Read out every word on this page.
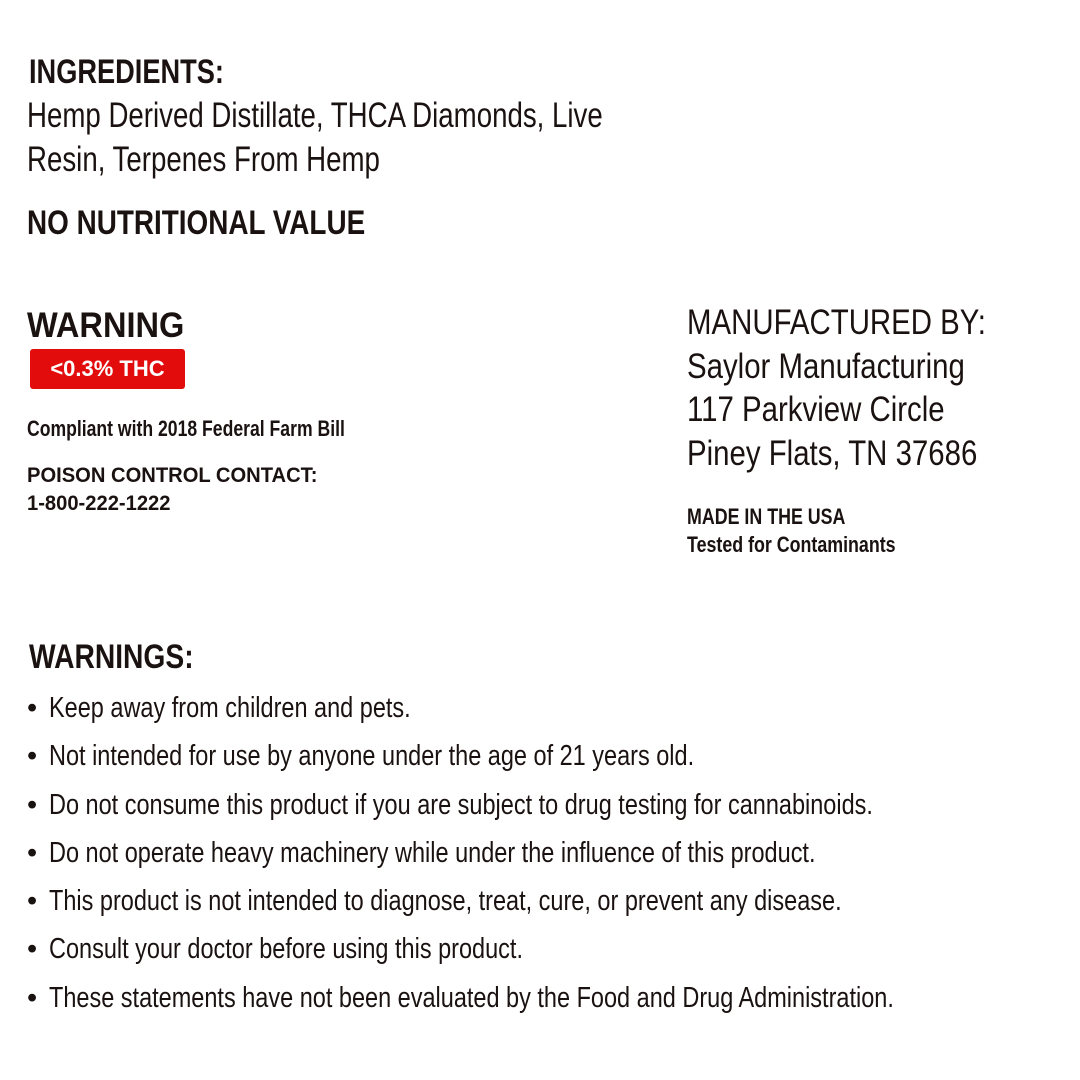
INGREDIENTS:
Hemp Derived Distillate, THCA Diamonds, Live
Resin, Terpenes From Hemp
NO NUTRITIONAL VALUE
WARNING
<0.3% THC
Compliant with 2018 Federal Farm Bill
POISON CONTROL CONTACT:
1-800-222-1222
MANUFACTURED BY:
Saylor Manufacturing
117 Parkview Circle
Piney Flats, TN 37686
MADE IN THE USA
Tested for Contaminants
WARNINGS:
• Keep away from children and pets.
• Not intended for use by anyone under the age of 21 years old.
• Do not consume this product if you are subject to drug testing for cannabinoids.
• Do not operate heavy machinery while under the influence of this product.
• This product is not intended to diagnose, treat, cure, or prevent any disease.
• Consult your doctor before using this product.
• These statements have not been evaluated by the Food and Drug Administration.
